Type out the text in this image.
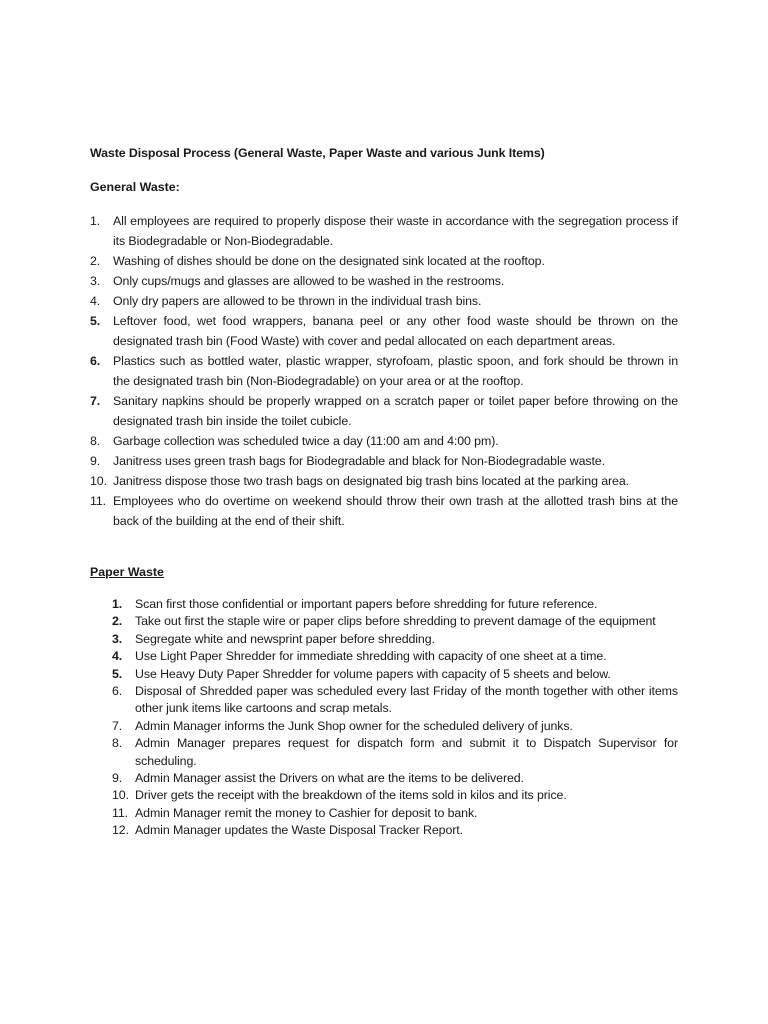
Waste Disposal Process (General Waste, Paper Waste and various Junk Items)

General Waste:

1. All employees are required to properly dispose their waste in accordance with the segregation process if its Biodegradable or Non-Biodegradable.
2. Washing of dishes should be done on the designated sink located at the rooftop.
3. Only cups/mugs and glasses are allowed to be washed in the restrooms.
4. Only dry papers are allowed to be thrown in the individual trash bins.
5. Leftover food, wet food wrappers, banana peel or any other food waste should be thrown on the designated trash bin (Food Waste) with cover and pedal allocated on each department areas.
6. Plastics such as bottled water, plastic wrapper, styrofoam, plastic spoon, and fork should be thrown in the designated trash bin (Non-Biodegradable) on your area or at the rooftop.
7. Sanitary napkins should be properly wrapped on a scratch paper or toilet paper before throwing on the designated trash bin inside the toilet cubicle.
8. Garbage collection was scheduled twice a day (11:00 am and 4:00 pm).
9. Janitress uses green trash bags for Biodegradable and black for Non-Biodegradable waste.
10. Janitress dispose those two trash bags on designated big trash bins located at the parking area.
11. Employees who do overtime on weekend should throw their own trash at the allotted trash bins at the back of the building at the end of their shift.

Paper Waste

1. Scan first those confidential or important papers before shredding for future reference.
2. Take out first the staple wire or paper clips before shredding to prevent damage of the equipment
3. Segregate white and newsprint paper before shredding.
4. Use Light Paper Shredder for immediate shredding with capacity of one sheet at a time.
5. Use Heavy Duty Paper Shredder for volume papers with capacity of 5 sheets and below.
6. Disposal of Shredded paper was scheduled every last Friday of the month together with other items other junk items like cartoons and scrap metals.
7. Admin Manager informs the Junk Shop owner for the scheduled delivery of junks.
8. Admin Manager prepares request for dispatch form and submit it to Dispatch Supervisor for scheduling.
9. Admin Manager assist the Drivers on what are the items to be delivered.
10. Driver gets the receipt with the breakdown of the items sold in kilos and its price.
11. Admin Manager remit the money to Cashier for deposit to bank.
12. Admin Manager updates the Waste Disposal Tracker Report.
